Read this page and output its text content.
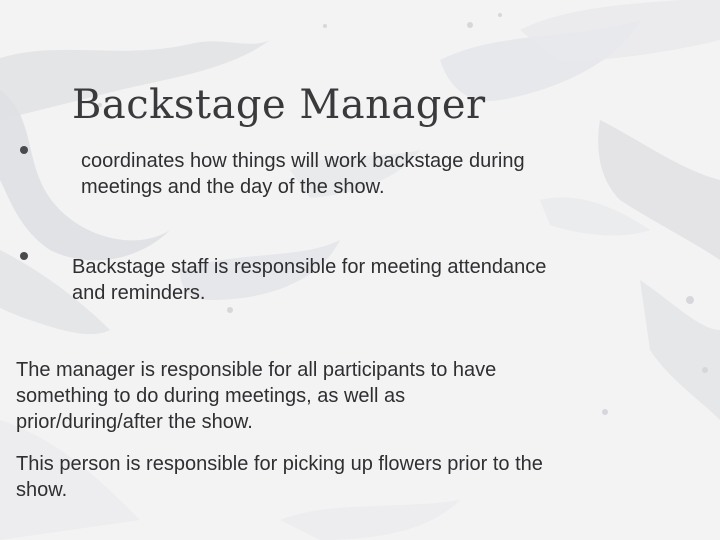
Backstage Manager
coordinates how things will work backstage during
meetings and the day of the show.
Backstage staff is responsible for meeting attendance
and reminders.
The manager is responsible for all participants to have
something to do during meetings, as well as
prior/during/after the show.
This person is responsible for picking up flowers prior to the
show.
